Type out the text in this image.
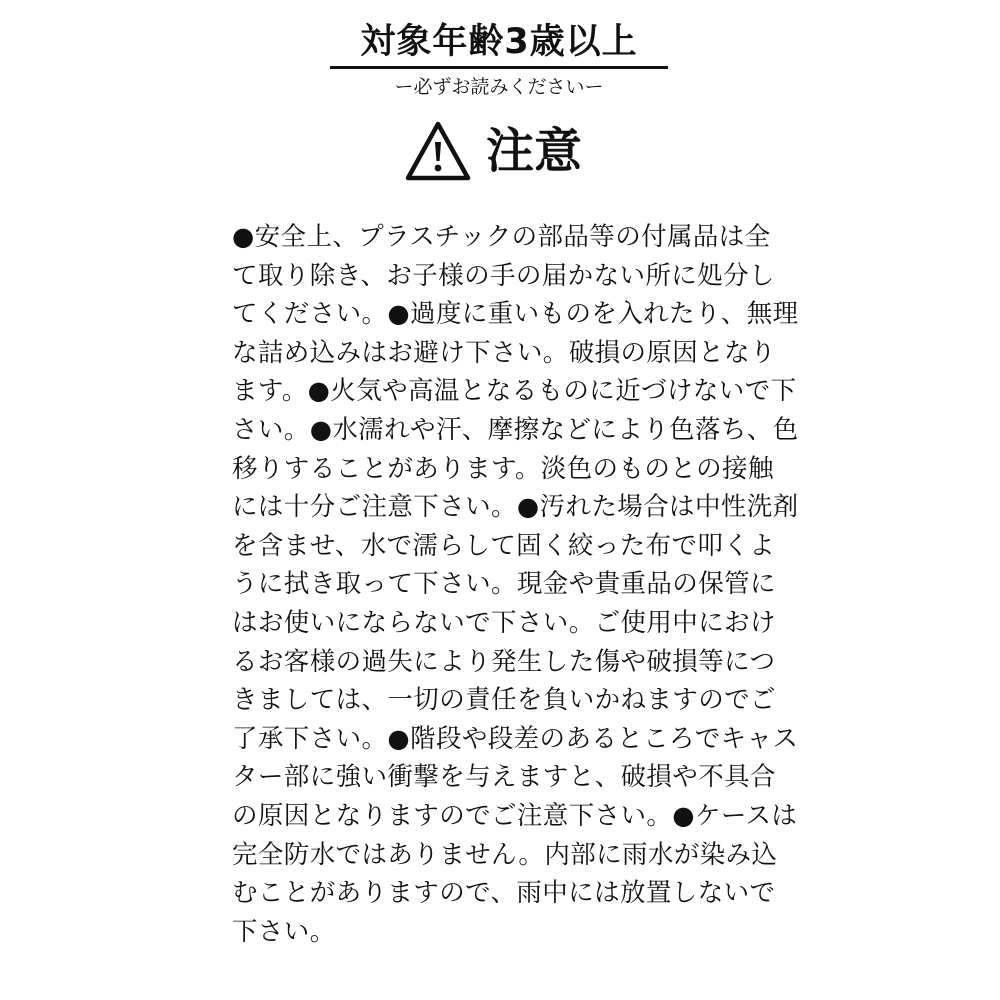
対象年齢3歳以上
ー必ずお読みくださいー
注意
●安全上、プラスチックの部品等の付属品は全
て取り除き、お子様の手の届かない所に処分し
てください。●過度に重いものを入れたり、無理
な詰め込みはお避け下さい。破損の原因となり
ます。●火気や高温となるものに近づけないで下
さい。●水濡れや汗、摩擦などにより色落ち、色
移りすることがあります。淡色のものとの接触
には十分ご注意下さい。●汚れた場合は中性洗剤
を含ませ、水で濡らして固く絞った布で叩くよ
うに拭き取って下さい。現金や貴重品の保管に
はお使いにならないで下さい。ご使用中におけ
るお客様の過失により発生した傷や破損等につ
きましては、一切の責任を負いかねますのでご
了承下さい。●階段や段差のあるところでキャス
ター部に強い衝撃を与えますと、破損や不具合
の原因となりますのでご注意下さい。●ケースは
完全防水ではありません。内部に雨水が染み込
むことがありますので、雨中には放置しないで
下さい。
